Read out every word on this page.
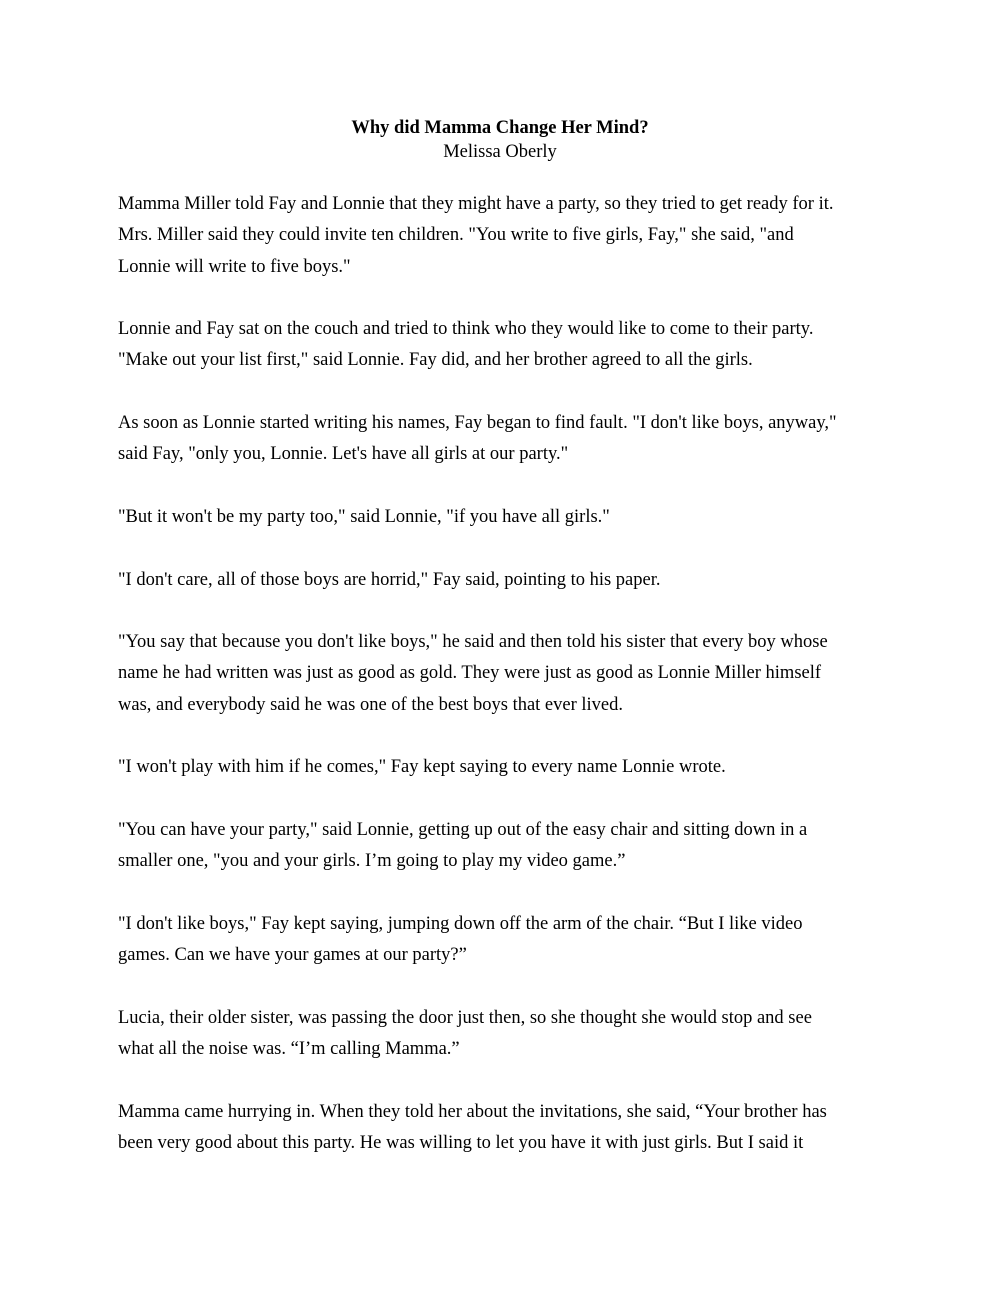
Why did Mamma Change Her Mind?

Melissa Oberly

Mamma Miller told Fay and Lonnie that they might have a party, so they tried to get ready for it.
Mrs. Miller said they could invite ten children. "You write to five girls, Fay," she said, "and
Lonnie will write to five boys."

Lonnie and Fay sat on the couch and tried to think who they would like to come to their party.
"Make out your list first," said Lonnie. Fay did, and her brother agreed to all the girls.

As soon as Lonnie started writing his names, Fay began to find fault. "I don't like boys, anyway,"
said Fay, "only you, Lonnie. Let's have all girls at our party."

"But it won't be my party too," said Lonnie, "if you have all girls."

"I don't care, all of those boys are horrid," Fay said, pointing to his paper.

"You say that because you don't like boys," he said and then told his sister that every boy whose
name he had written was just as good as gold. They were just as good as Lonnie Miller himself
was, and everybody said he was one of the best boys that ever lived.

"I won't play with him if he comes," Fay kept saying to every name Lonnie wrote.

"You can have your party," said Lonnie, getting up out of the easy chair and sitting down in a
smaller one, "you and your girls. I’m going to play my video game.”

"I don't like boys," Fay kept saying, jumping down off the arm of the chair. “But I like video
games. Can we have your games at our party?”

Lucia, their older sister, was passing the door just then, so she thought she would stop and see
what all the noise was. “I’m calling Mamma.”

Mamma came hurrying in. When they told her about the invitations, she said, “Your brother has
been very good about this party. He was willing to let you have it with just girls. But I said it
